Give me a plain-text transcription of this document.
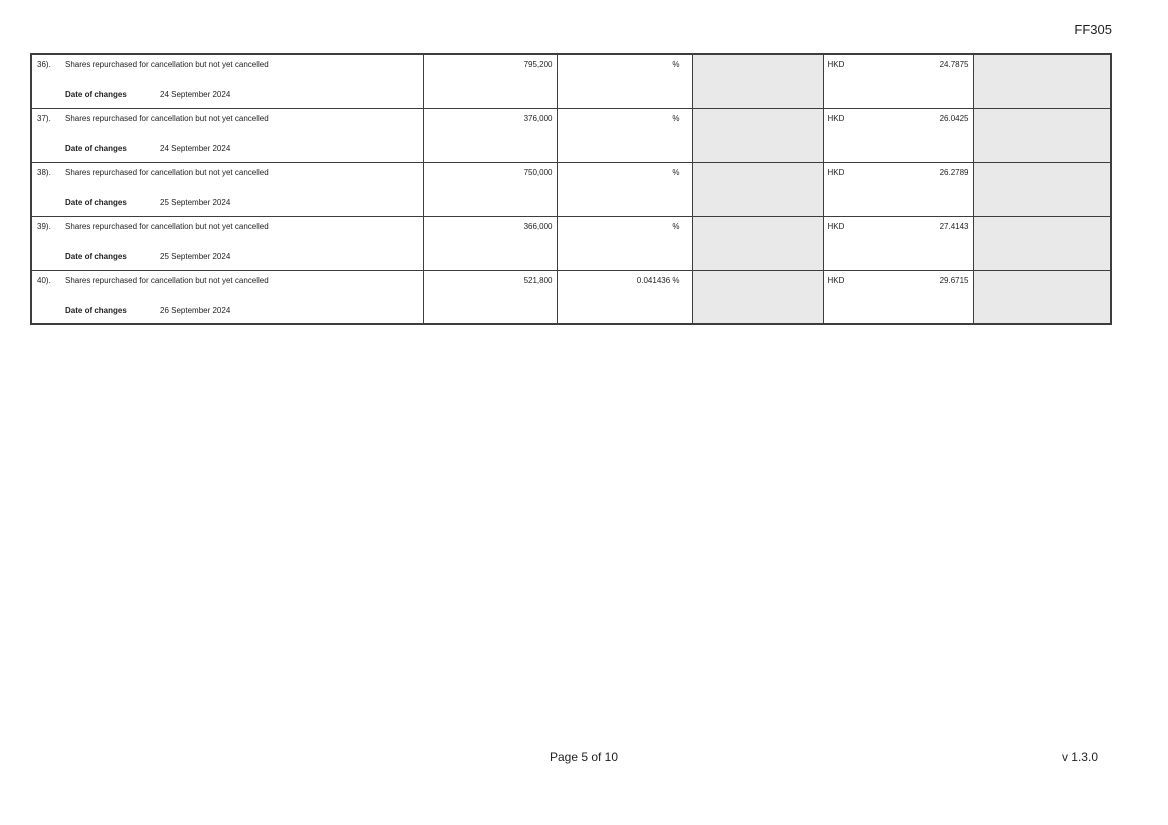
FF305
36). Shares repurchased for cancellation but not yet cancelled
Date of changes	24 September 2024
	795,200	%		HKD	24.7875

37). Shares repurchased for cancellation but not yet cancelled
Date of changes	24 September 2024
	376,000	%		HKD	26.0425

38). Shares repurchased for cancellation but not yet cancelled
Date of changes	25 September 2024
	750,000	%		HKD	26.2789

39). Shares repurchased for cancellation but not yet cancelled
Date of changes	25 September 2024
	366,000	%		HKD	27.4143

40). Shares repurchased for cancellation but not yet cancelled
Date of changes	26 September 2024
	521,800	0.041436 %		HKD	29.6715

Page 5 of 10	v 1.3.0
